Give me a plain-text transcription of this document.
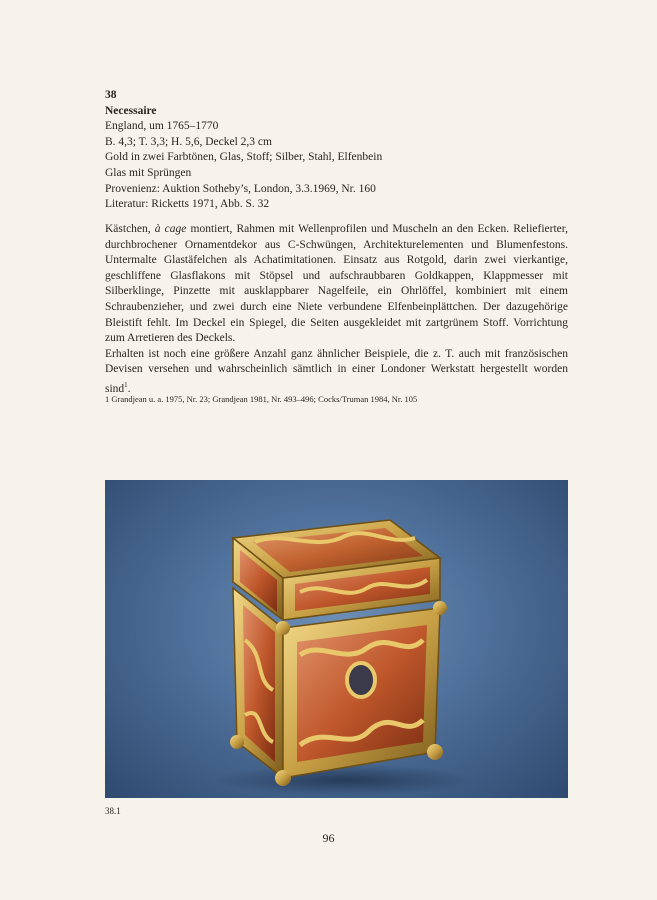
38
Necessaire
England, um 1765–1770
B. 4,3; T. 3,3; H. 5,6, Deckel 2,3 cm
Gold in zwei Farbtönen, Glas, Stoff; Silber, Stahl, Elfenbein
Glas mit Sprüngen
Provenienz: Auktion Sotheby’s, London, 3.3.1969, Nr. 160
Literatur: Ricketts 1971, Abb. S. 32

Kästchen, à cage montiert, Rahmen mit Wellenprofilen und Muscheln an den Ecken. Reliefierter, durchbrochener Ornamentdekor aus C-Schwüngen, Architekturelementen und Blumenfestons. Untermalte Glastäfelchen als Achatimitationen. Einsatz aus Rotgold, darin zwei vierkantige, geschliffene Glasflakons mit Stöpsel und aufschraubbaren Goldkappen, Klappmesser mit Silberklinge, Pinzette mit ausklappbarer Nagelfeile, ein Ohrlöffel, kombiniert mit einem Schraubenzieher, und zwei durch eine Niete verbundene Elfenbeinplättchen. Der dazugehörige Bleistift fehlt. Im Deckel ein Spiegel, die Seiten ausgekleidet mit zartgrünem Stoff. Vorrichtung zum Arretieren des Deckels.

Erhalten ist noch eine größere Anzahl ganz ähnlicher Beispiele, die z. T. auch mit französischen Devisen versehen und wahrscheinlich sämtlich in einer Londoner Werkstatt hergestellt worden sind$^1$.

1 Grandjean u. a. 1975, Nr. 23; Grandjean 1981, Nr. 493–496; Cocks/Truman 1984, Nr. 105
38.1
96
